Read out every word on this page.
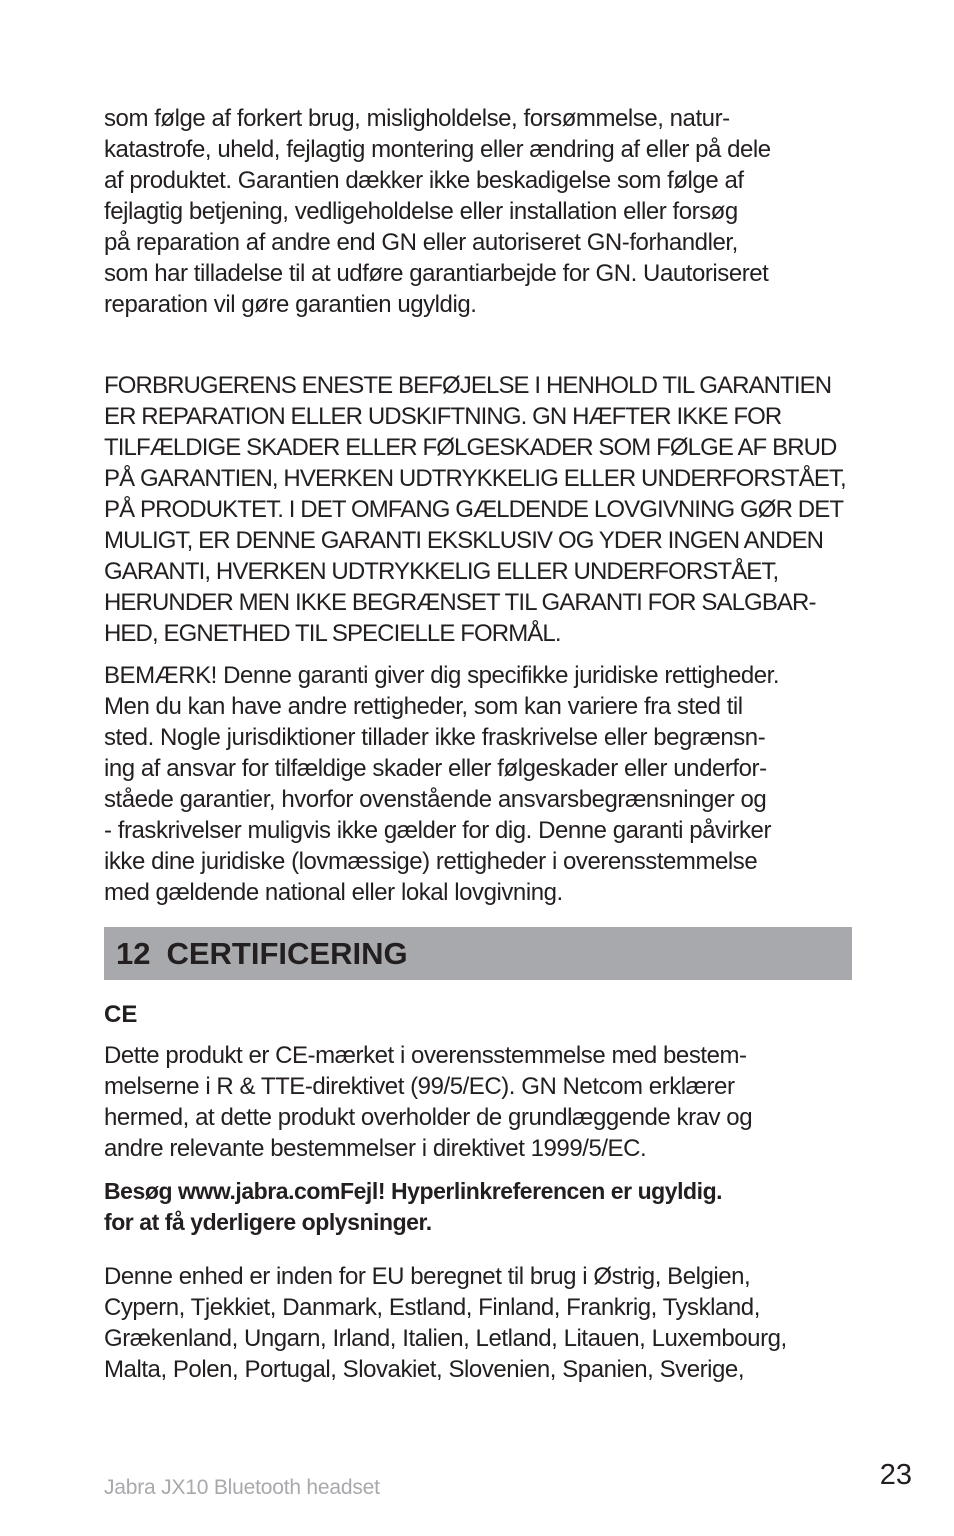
som følge af forkert brug, misligholdelse, forsømmelse, natur-
katastrofe, uheld, fejlagtig montering eller ændring af eller på dele
af produktet. Garantien dækker ikke beskadigelse som følge af
fejlagtig betjening, vedligeholdelse eller installation eller forsøg
på reparation af andre end GN eller autoriseret GN-forhandler,
som har tilladelse til at udføre garantiarbejde for GN. Uautoriseret
reparation vil gøre garantien ugyldig.

FORBRUGERENS ENESTE BEFØJELSE I HENHOLD TIL GARANTIEN
ER REPARATION ELLER UDSKIFTNING. GN HÆFTER IKKE FOR
TILFÆLDIGE SKADER ELLER FØLGESKADER SOM FØLGE AF BRUD
PÅ GARANTIEN, HVERKEN UDTRYKKELIG ELLER UNDERFORSTÅET,
PÅ PRODUKTET. I DET OMFANG GÆLDENDE LOVGIVNING GØR DET
MULIGT, ER DENNE GARANTI EKSKLUSIV OG YDER INGEN ANDEN
GARANTI, HVERKEN UDTRYKKELIG ELLER UNDERFORSTÅET,
HERUNDER MEN IKKE BEGRÆNSET TIL GARANTI FOR SALGBAR-
HED, EGNETHED TIL SPECIELLE FORMÅL.

BEMÆRK! Denne garanti giver dig specifikke juridiske rettigheder.
Men du kan have andre rettigheder, som kan variere fra sted til
sted. Nogle jurisdiktioner tillader ikke fraskrivelse eller begrænsn-
ing af ansvar for tilfældige skader eller følgeskader eller underfor-
ståede garantier, hvorfor ovenstående ansvarsbegrænsninger og
- fraskrivelser muligvis ikke gælder for dig. Denne garanti påvirker
ikke dine juridiske (lovmæssige) rettigheder i overensstemmelse
med gældende national eller lokal lovgivning.

12 CERTIFICERING
CE

Dette produkt er CE-mærket i overensstemmelse med bestem-
melserne i R & TTE-direktivet (99/5/EC). GN Netcom erklærer
hermed, at dette produkt overholder de grundlæggende krav og
andre relevante bestemmelser i direktivet 1999/5/EC.

Besøg www.jabra.comFejl! Hyperlinkreferencen er ugyldig.
for at få yderligere oplysninger.

Denne enhed er inden for EU beregnet til brug i Østrig, Belgien,
Cypern, Tjekkiet, Danmark, Estland, Finland, Frankrig, Tyskland,
Grækenland, Ungarn, Irland, Italien, Letland, Litauen, Luxembourg,
Malta, Polen, Portugal, Slovakiet, Slovenien, Spanien, Sverige,

Jabra JX10 Bluetooth headset	23
